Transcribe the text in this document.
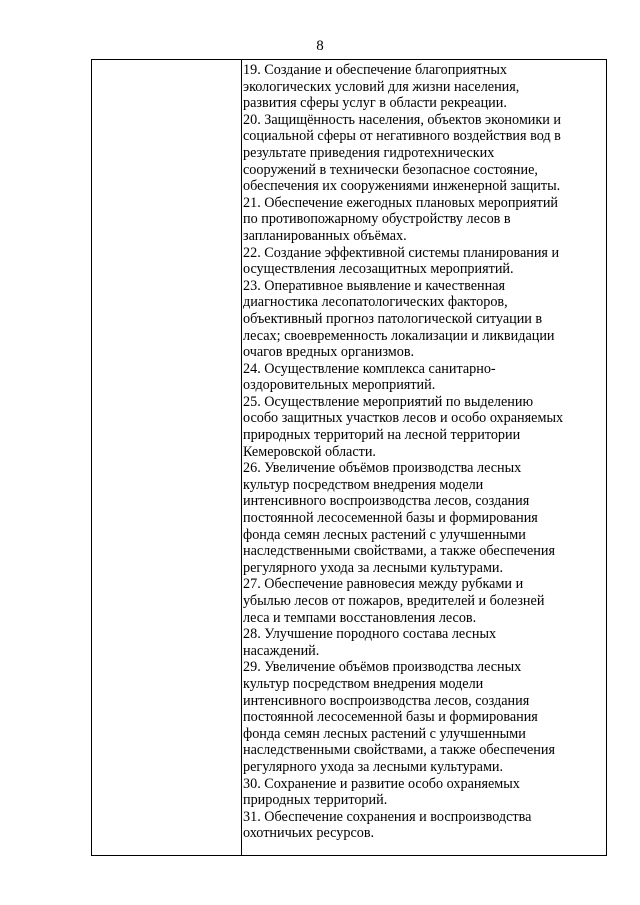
8

19. Создание и обеспечение благоприятных
экологических условий для жизни населения,
развития сферы услуг в области рекреации.

20. Защищённость населения, объектов экономики и
социальной сферы от негативного воздействия вод в
результате приведения гидротехнических
сооружений в технически безопасное состояние,
обеспечения их сооружениями инженерной защиты.

21. Обеспечение ежегодных плановых мероприятий
по противопожарному обустройству лесов в
запланированных объёмах.

22. Создание эффективной системы планирования и
осуществления лесозащитных мероприятий.

23. Оперативное выявление и качественная
диагностика лесопатологических факторов,
объективный прогноз патологической ситуации в
лесах; своевременность локализации и ликвидации
очагов вредных организмов.

24. Осуществление комплекса санитарно-
оздоровительных мероприятий.

25. Осуществление мероприятий по выделению
особо защитных участков лесов и особо охраняемых
природных территорий на лесной территории
Кемеровской области.

26. Увеличение объёмов производства лесных
культур посредством внедрения модели
интенсивного воспроизводства лесов, создания
постоянной лесосеменной базы и формирования
фонда семян лесных растений с улучшенными
наследственными свойствами, а также обеспечения
регулярного ухода за лесными культурами.

27. Обеспечение равновесия между рубками и
убылью лесов от пожаров, вредителей и болезней
леса и темпами восстановления лесов.

28. Улучшение породного состава лесных
насаждений.

29. Увеличение объёмов производства лесных
культур посредством внедрения модели
интенсивного воспроизводства лесов, создания
постоянной лесосеменной базы и формирования
фонда семян лесных растений с улучшенными
наследственными свойствами, а также обеспечения
регулярного ухода за лесными культурами.

30. Сохранение и развитие особо охраняемых
природных территорий.

31. Обеспечение сохранения и воспроизводства
охотничьих ресурсов.
